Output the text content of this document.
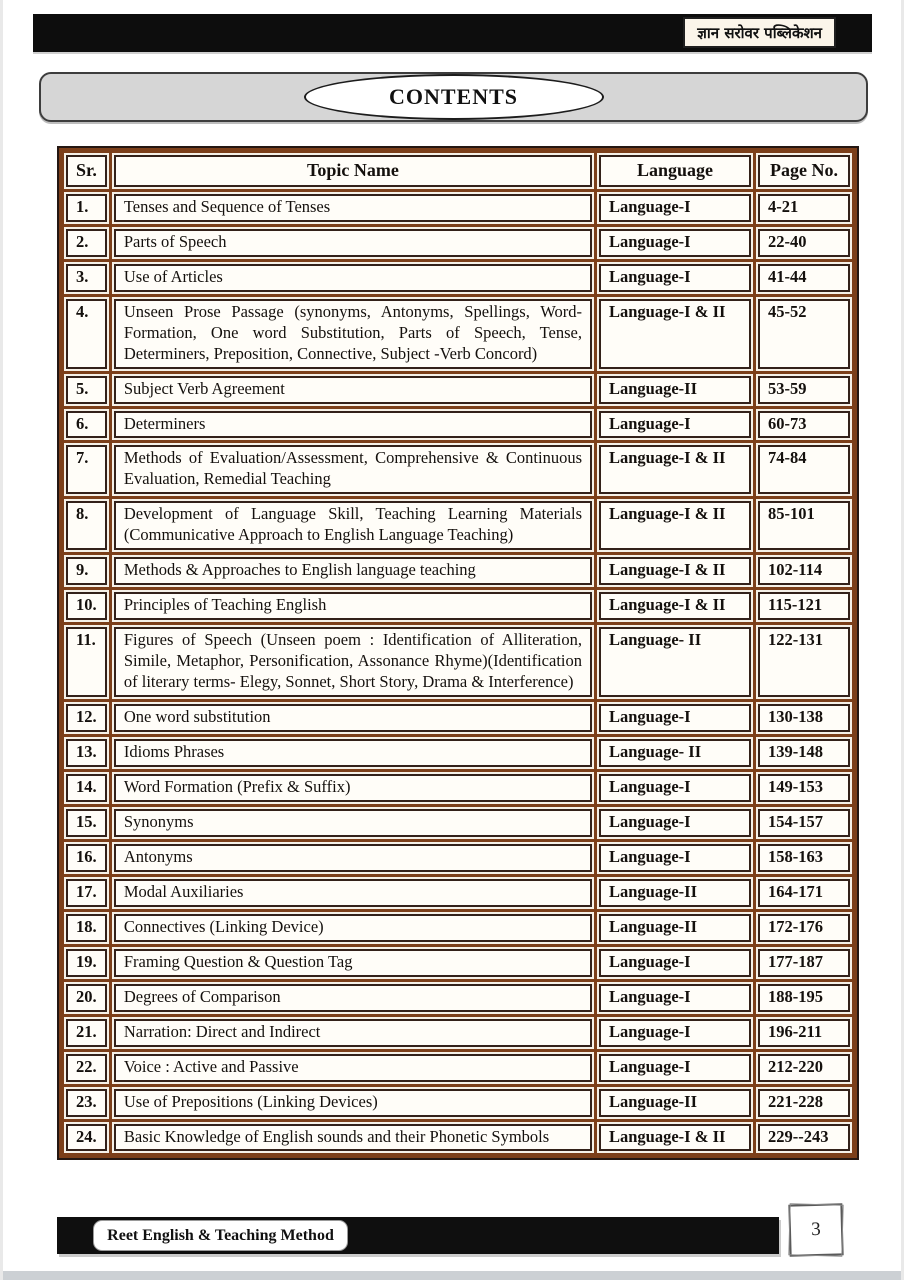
ज्ञान सरोवर पब्लिकेशन
CONTENTS
Sr.	Topic Name	Language	Page No.
1.	Tenses and Sequence of Tenses	Language-I	4-21
2.	Parts of Speech	Language-I	22-40
3.	Use of Articles	Language-I	41-44
4.	Unseen Prose Passage (synonyms, Antonyms, Spellings, Word-Formation, One word Substitution, Parts of Speech, Tense, Determiners, Preposition, Connective, Subject -Verb Concord)	Language-I & II	45-52
5.	Subject Verb Agreement	Language-II	53-59
6.	Determiners	Language-I	60-73
7.	Methods of Evaluation/Assessment, Comprehensive & Continuous Evaluation, Remedial Teaching	Language-I & II	74-84
8.	Development of Language Skill, Teaching Learning Materials (Communicative Approach to English Language Teaching)	Language-I & II	85-101
9.	Methods & Approaches to English language teaching	Language-I & II	102-114
10.	Principles of Teaching English	Language-I & II	115-121
11.	Figures of Speech (Unseen poem : Identification of Alliteration, Simile, Metaphor, Personification, Assonance Rhyme)(Identification of literary terms- Elegy, Sonnet, Short Story, Drama & Interference)	Language- II	122-131
12.	One word substitution	Language-I	130-138
13.	Idioms Phrases	Language- II	139-148
14.	Word Formation (Prefix & Suffix)	Language-I	149-153
15.	Synonyms	Language-I	154-157
16.	Antonyms	Language-I	158-163
17.	Modal Auxiliaries	Language-II	164-171
18.	Connectives (Linking Device)	Language-II	172-176
19.	Framing Question & Question Tag	Language-I	177-187
20.	Degrees of Comparison	Language-I	188-195
21.	Narration: Direct and Indirect	Language-I	196-211
22.	Voice : Active and Passive	Language-I	212-220
23.	Use of Prepositions (Linking Devices)	Language-II	221-228
24.	Basic Knowledge of English sounds and their Phonetic Symbols	Language-I & II	229--243
Reet English & Teaching Method	3
